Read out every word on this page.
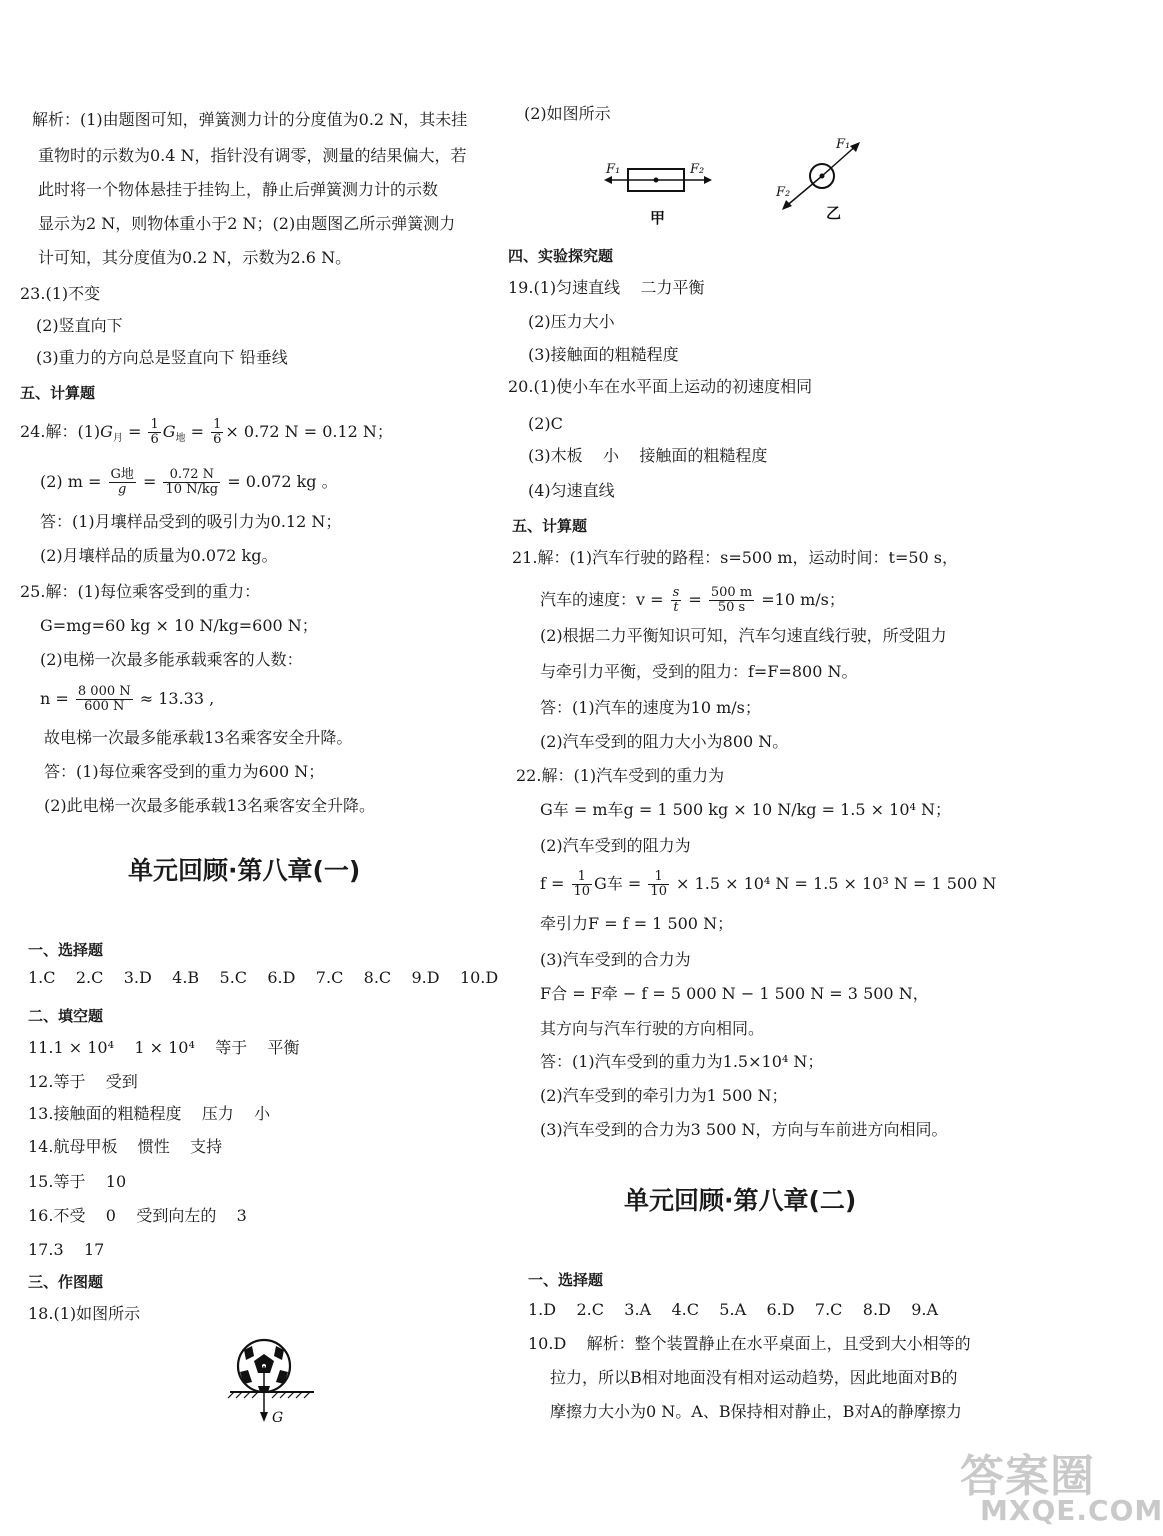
解析：(1)由题图可知，弹簧测力计的分度值为0.2 N，其未挂
重物时的示数为0.4 N，指针没有调零，测量的结果偏大，若
此时将一个物体悬挂于挂钩上，静止后弹簧测力计的示数
显示为2 N，则物体重小于2 N；(2)由题图乙所示弹簧测力
计可知，其分度值为0.2 N，示数为2.6 N。
23.(1)不变
(2)竖直向下
(3)重力的方向总是竖直向下 铅垂线
五、计算题
24.解：$(1)G_月 = \frac{1}{6} G_地 = \frac{1}{6} \times 0.72$ N = 0.12 N；
(2) $m = \frac{\text{G地}}{g} = \frac{0.72 N}{10 N/kg} = 0.072$ kg 。
答：(1)月壤样品受到的吸引力为0.12 N；
(2)月壤样品的质量为0.072 kg。
25.解：(1)每位乘客受到的重力：
G=mg=60 kg × 10 N/kg=600 N；
(2)电梯一次最多能承载乘客的人数：
$n = \frac{8 000 N}{600 N} \approx 13.33$ ,
故电梯一次最多能承载13名乘客安全升降。
答：(1)每位乘客受到的重力为600 N；
(2)此电梯一次最多能承载13名乘客安全升降。
单元回顾·第八章(一)
一、选择题
1.C    2.C    3.D    4.B    5.C    6.D    7.C    8.C    9.D    10.D
二、填空题
11.1 × 10⁴    1 × 10⁴    等于    平衡
12.等于    受到
13.接触面的粗糙程度    压力    小
14.航母甲板    惯性    支持
15.等于    10
16.不受    0    受到向左的    3
17.3    17
三、作图题
18.(1)如图所示
G
(2)如图所示
F₁	F₂
甲
F₁
F₂
乙
四、实验探究题
19.(1)匀速直线    二力平衡
(2)压力大小
(3)接触面的粗糙程度
20.(1)使小车在水平面上运动的初速度相同
(2)C
(3)木板    小    接触面的粗糙程度
(4)匀速直线
五、计算题
21.解：(1)汽车行驶的路程：s=500 m，运动时间：t=50 s，
汽车的速度：$v = \frac{s}{t} = \frac{500 m}{50 s} =10$ m/s；
(2)根据二力平衡知识可知，汽车匀速直线行驶，所受阻力
与牵引力平衡，受到的阻力：f=F=800 N。
答：(1)汽车的速度为10 m/s；
(2)汽车受到的阻力大小为800 N。
22.解：(1)汽车受到的重力为
G车 = m车g = 1 500 kg × 10 N/kg = 1.5 × 10⁴ N；
(2)汽车受到的阻力为
$f = \frac{1}{10}$ G车 = $\frac{1}{10} \times 1.5 \times 10^4$ N = 1.5 × 10³ N = 1 500 N
牵引力F = f = 1 500 N；
(3)汽车受到的合力为
F合 = F牵 − f = 5 000 N − 1 500 N = 3 500 N，
其方向与汽车行驶的方向相同。
答：(1)汽车受到的重力为1.5×10⁴ N；
(2)汽车受到的牵引力为1 500 N；
(3)汽车受到的合力为3 500 N，方向与车前进方向相同。
单元回顾·第八章(二)
一、选择题
1.D    2.C    3.A    4.C    5.A    6.D    7.C    8.D    9.A
10.D    解析：整个装置静止在水平桌面上，且受到大小相等的
拉力，所以B相对地面没有相对运动趋势，因此地面对B的
摩擦力大小为0 N。A、B保持相对静止，B对A的静摩擦力
答案圈
MXQE.COM
